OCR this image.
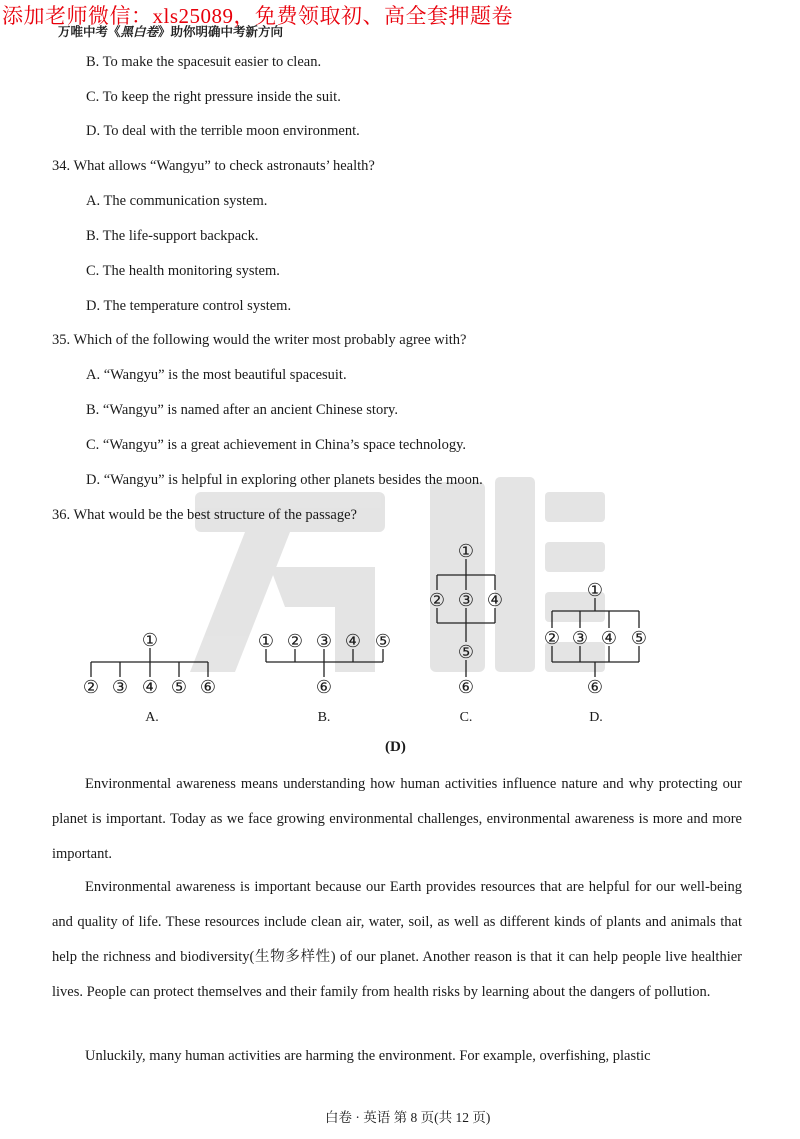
添加老师微信：xls25089，免费领取初、高全套押题卷
万唯中考《黑白卷》助你明确中考新方向
B. To make the spacesuit easier to clean.
C. To keep the right pressure inside the suit.
D. To deal with the terrible moon environment.
34. What allows “Wangyu” to check astronauts’ health?
A. The communication system.
B. The life-support backpack.
C. The health monitoring system.
D. The temperature control system.
35. Which of the following would the writer most probably agree with?
A. “Wangyu” is the most beautiful spacesuit.
B. “Wangyu” is named after an ancient Chinese story.
C. “Wangyu” is a great achievement in China’s space technology.
D. “Wangyu” is helpful in exploring other planets besides the moon.
36. What would be the best structure of the passage?
①
② ③ ④ ⑤ ⑥
① ② ③ ④ ⑤
⑥
①
② ③ ④
⑤
⑥
①
② ③ ④ ⑤
⑥
A.	B.	C.	D.
(D)
Environmental awareness means understanding how human activities influence nature and why protecting our planet is important. Today as we face growing environmental challenges, environmental awareness is more and more important.
Environmental awareness is important because our Earth provides resources that are helpful for our well-being and quality of life. These resources include clean air, water, soil, as well as different kinds of plants and animals that help the richness and biodiversity(生物多样性) of our planet. Another reason is that it can help people live healthier lives. People can protect themselves and their family from health risks by learning about the dangers of pollution.
Unluckily, many human activities are harming the environment. For example, overfishing, plastic
白卷 · 英语 第 8 页(共 12 页)
